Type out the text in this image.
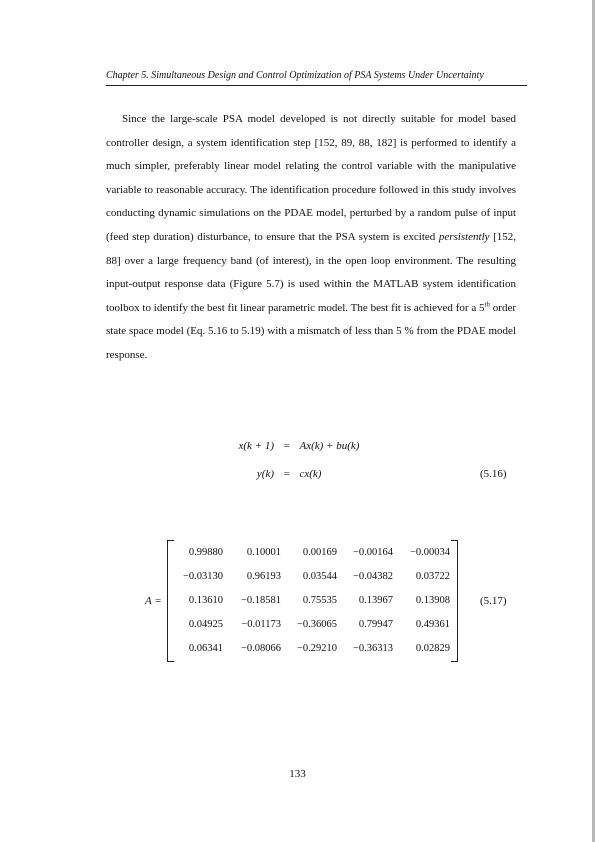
Chapter 5. Simultaneous Design and Control Optimization of PSA Systems Under Uncertainty

Since the large-scale PSA model developed is not directly suitable for model based controller design, a system identification step [152, 89, 88, 182] is performed to identify a much simpler, preferably linear model relating the control variable with the manipulative variable to reasonable accuracy. The identification procedure followed in this study involves conducting dynamic simulations on the PDAE model, perturbed by a random pulse of input (feed step duration) disturbance, to ensure that the PSA system is excited persistently [152, 88] over a large frequency band (of interest), in the open loop environment. The resulting input-output response data (Figure 5.7) is used within the MATLAB system identification toolbox to identify the best fit linear parametric model. The best fit is achieved for a 5th order state space model (Eq. 5.16 to 5.19) with a mismatch of less than 5 % from the PDAE model response.

x(k + 1) = Ax(k) + bu(k)
y(k) = cx(k)	(5.16)
A =
0.99880	0.10001	0.00169	−0.00164	−0.00034
−0.03130	0.96193	0.03544	−0.04382	0.03722
0.13610	−0.18581	0.75535	0.13967	0.13908
0.04925	−0.01173	−0.36065	0.79947	0.49361
0.06341	−0.08066	−0.29210	−0.36313	0.02829
(5.17)
133
